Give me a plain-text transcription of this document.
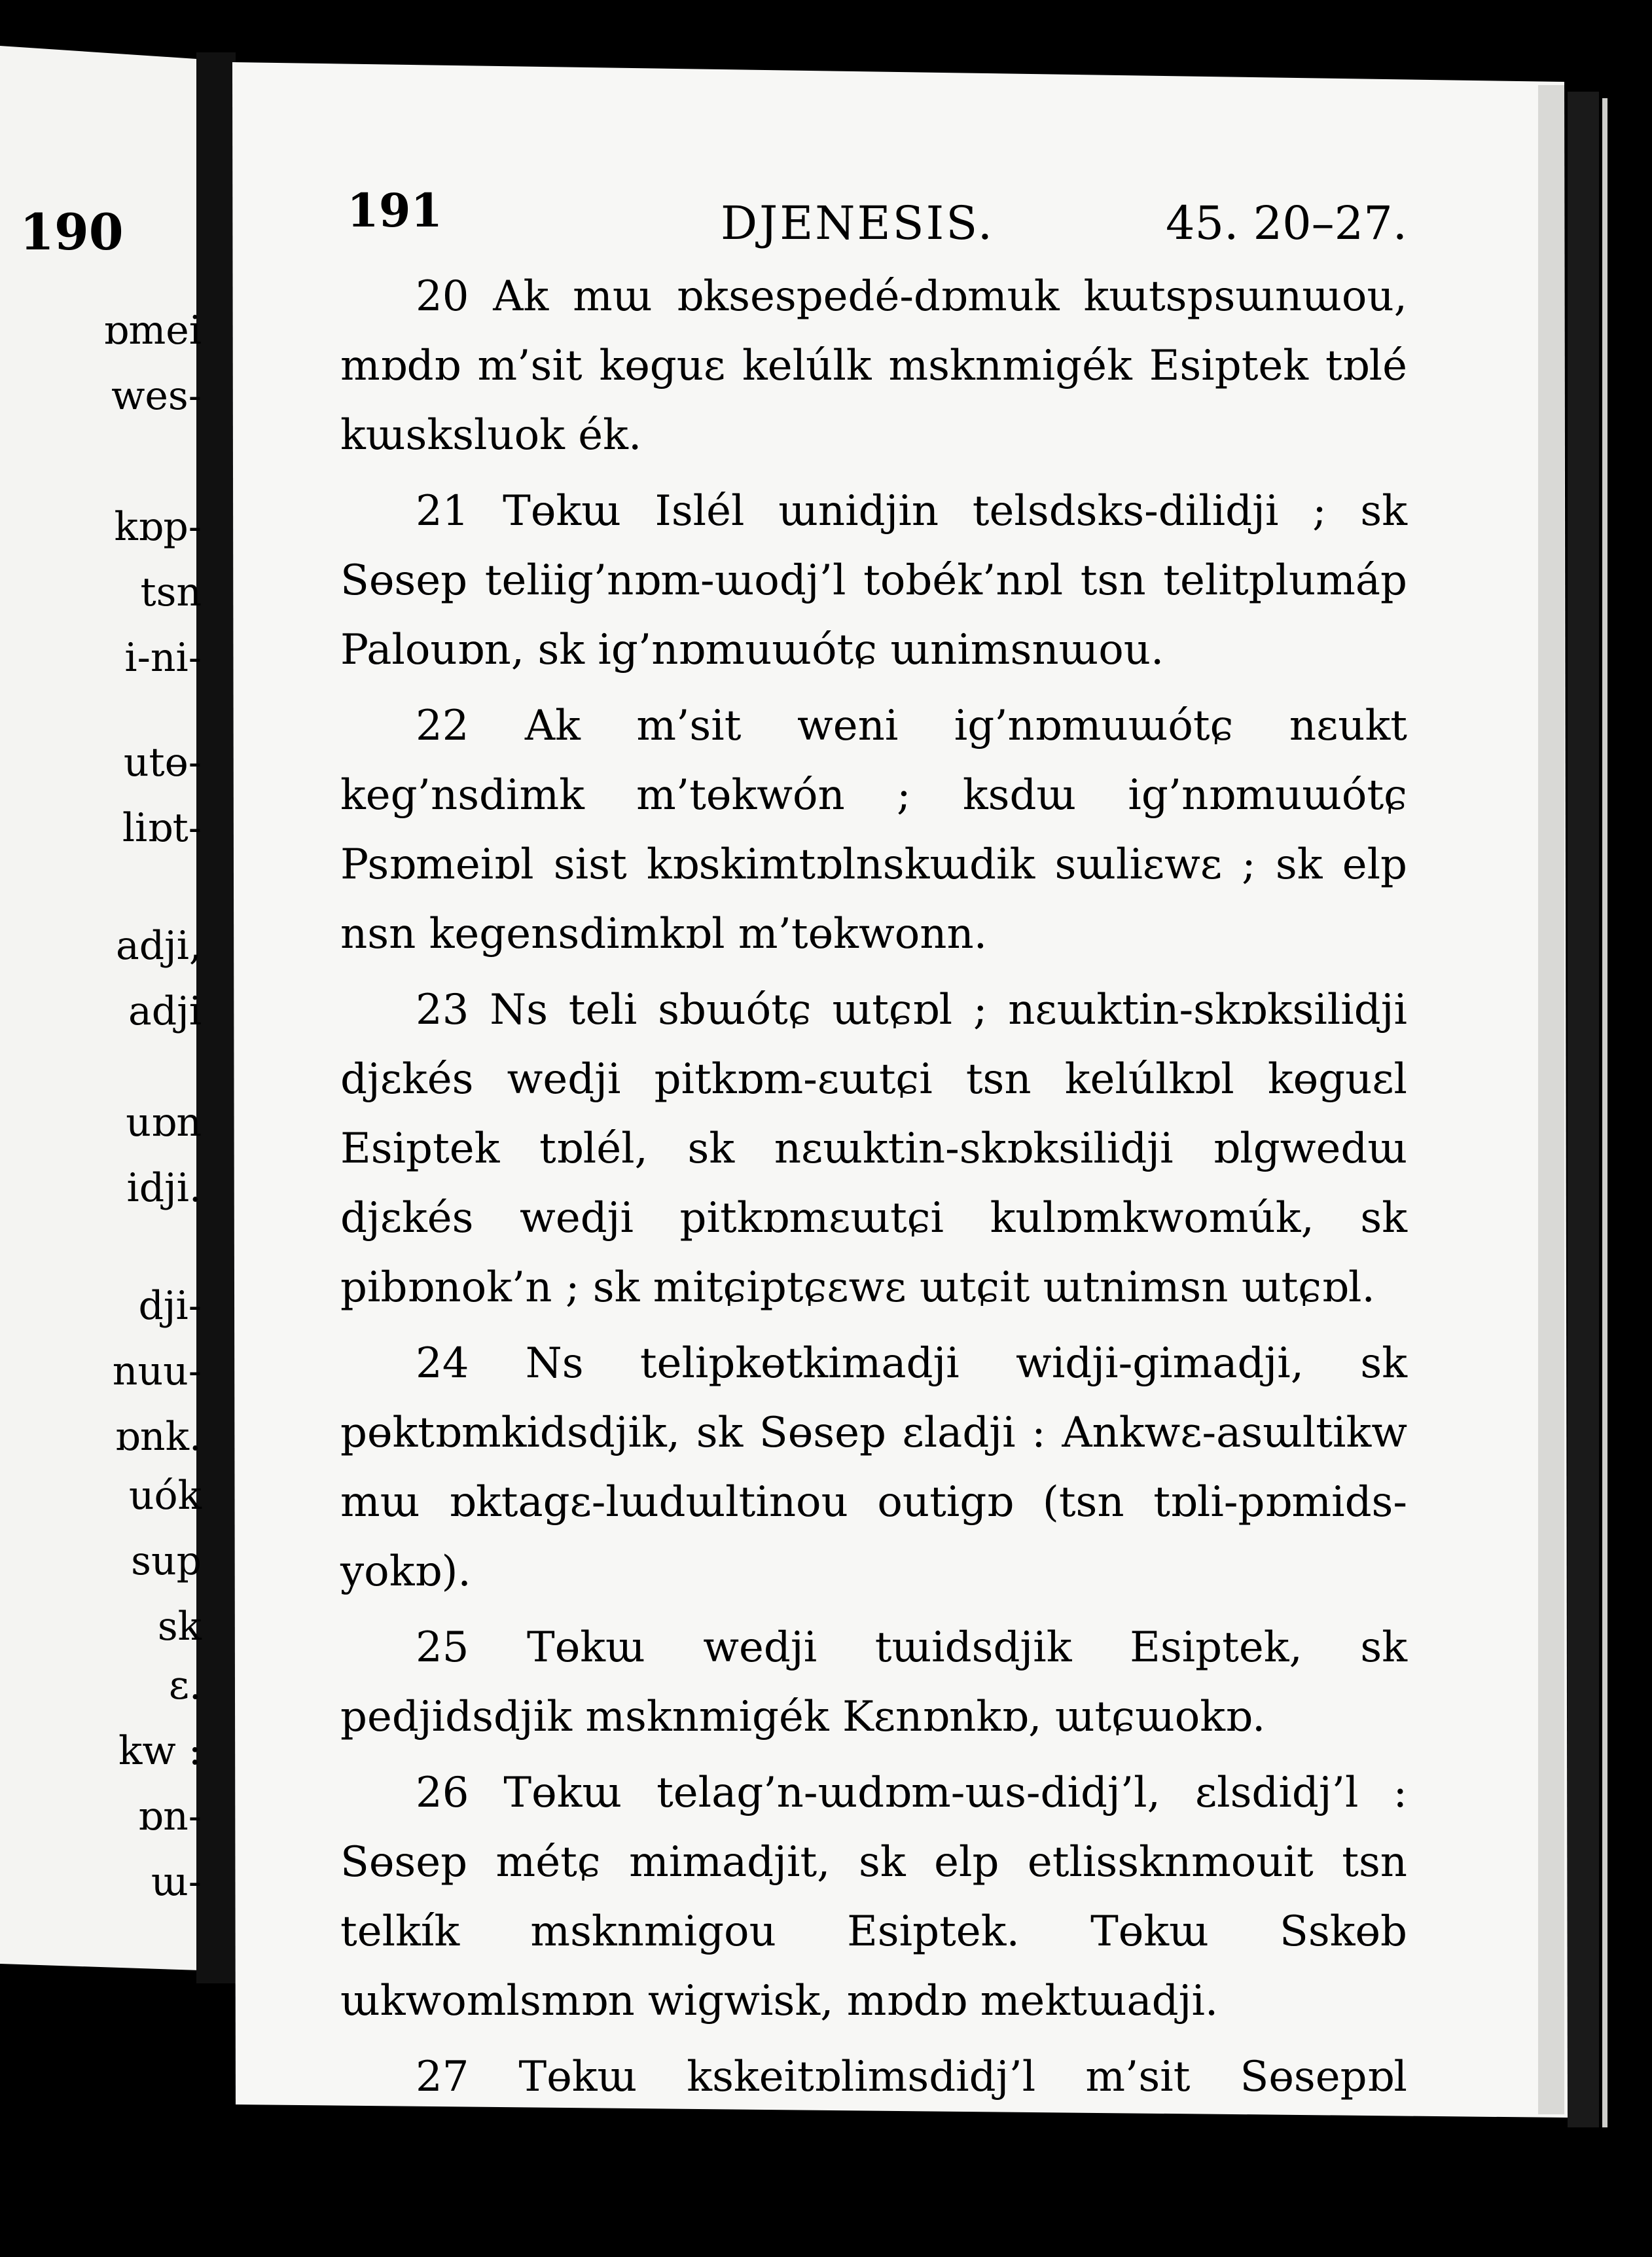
190
ɒmei
wes-
kɒp-
tsn
i-ni-
utɵ-
liɒt-
adji,
adji
uɒn
idji.
dji-
nuu-
ɒnk.
uók
sup
sk
ε.
kw :
ɒn-
ɯ-
191	DJENESIS.	45. 20–27.

20 Ak mɯ ɒksespedé-dɒmuk kɯtspsɯnɯou, mɒdɒ m’sit kɵguε kelúlk msknmigék Esiptek tɒlé kɯsksluok ék.

21 Tɵkɯ Islél ɯnidjin telsdsks-dilidji ; sk Sɵsep teliig’nɒm-ɯodj’l tobék’nɒl tsn telitplumáp Palouɒn, sk ig’nɒmuɯótɕ ɯnimsnɯou.

22 Ak m’sit weni ig’nɒmuɯótɕ nεukt keg’nsdimk m’tɵkwón ; ksdɯ ig’nɒmuɯótɕ Psɒmeiɒl sist kɒskimtɒlnskɯdik sɯliεwε ; sk elp nsn kegensdimkɒl m’tɵkwonn.

23 Ns teli sbɯótɕ ɯtɕɒl ; nεɯktin-skɒksilidji djεkés wedji pitkɒm-εɯtɕi tsn kelúlkɒl kɵguεl Esiptek tɒlél, sk nεɯktin-skɒksilidji ɒlgwedɯ djεkés wedji pitkɒmεɯtɕi kulɒmkwomúk, sk pibɒnok’n ; sk mitɕiptɕεwε ɯtɕit ɯtnimsn ɯtɕɒl.

24 Ns telipkɵtkimadji widji-gimadji, sk pɵktɒmkidsdjik, sk Sɵsep εladji : Ankwε-asɯltikw mɯ ɒktagε-lɯdɯltinou outigɒ (tsn tɒli-pɒmids-yokɒ).

25 Tɵkɯ wedji tɯidsdjik Esiptek, sk pedjidsdjik msknmigék Kεnɒnkɒ, ɯtɕɯokɒ.

26 Tɵkɯ telag’n-ɯdɒm-ɯs-didj’l, εlsdidj’l : Sɵsep métɕ mimadjit, sk elp etlissknmouit tsn telkík msknmigou Esiptek. Tɵkɯ Sskɵb ɯkwomlsmɒn wigwisk, mɒdɒ mektɯadji.

27 Tɵkɯ kskeitɒlimsdidj’l m’sit Sɵsepɒl ukeluɯs-wok’n-ɒm’l tsn telimkwídip Sɵsepɒl, sk tsn
